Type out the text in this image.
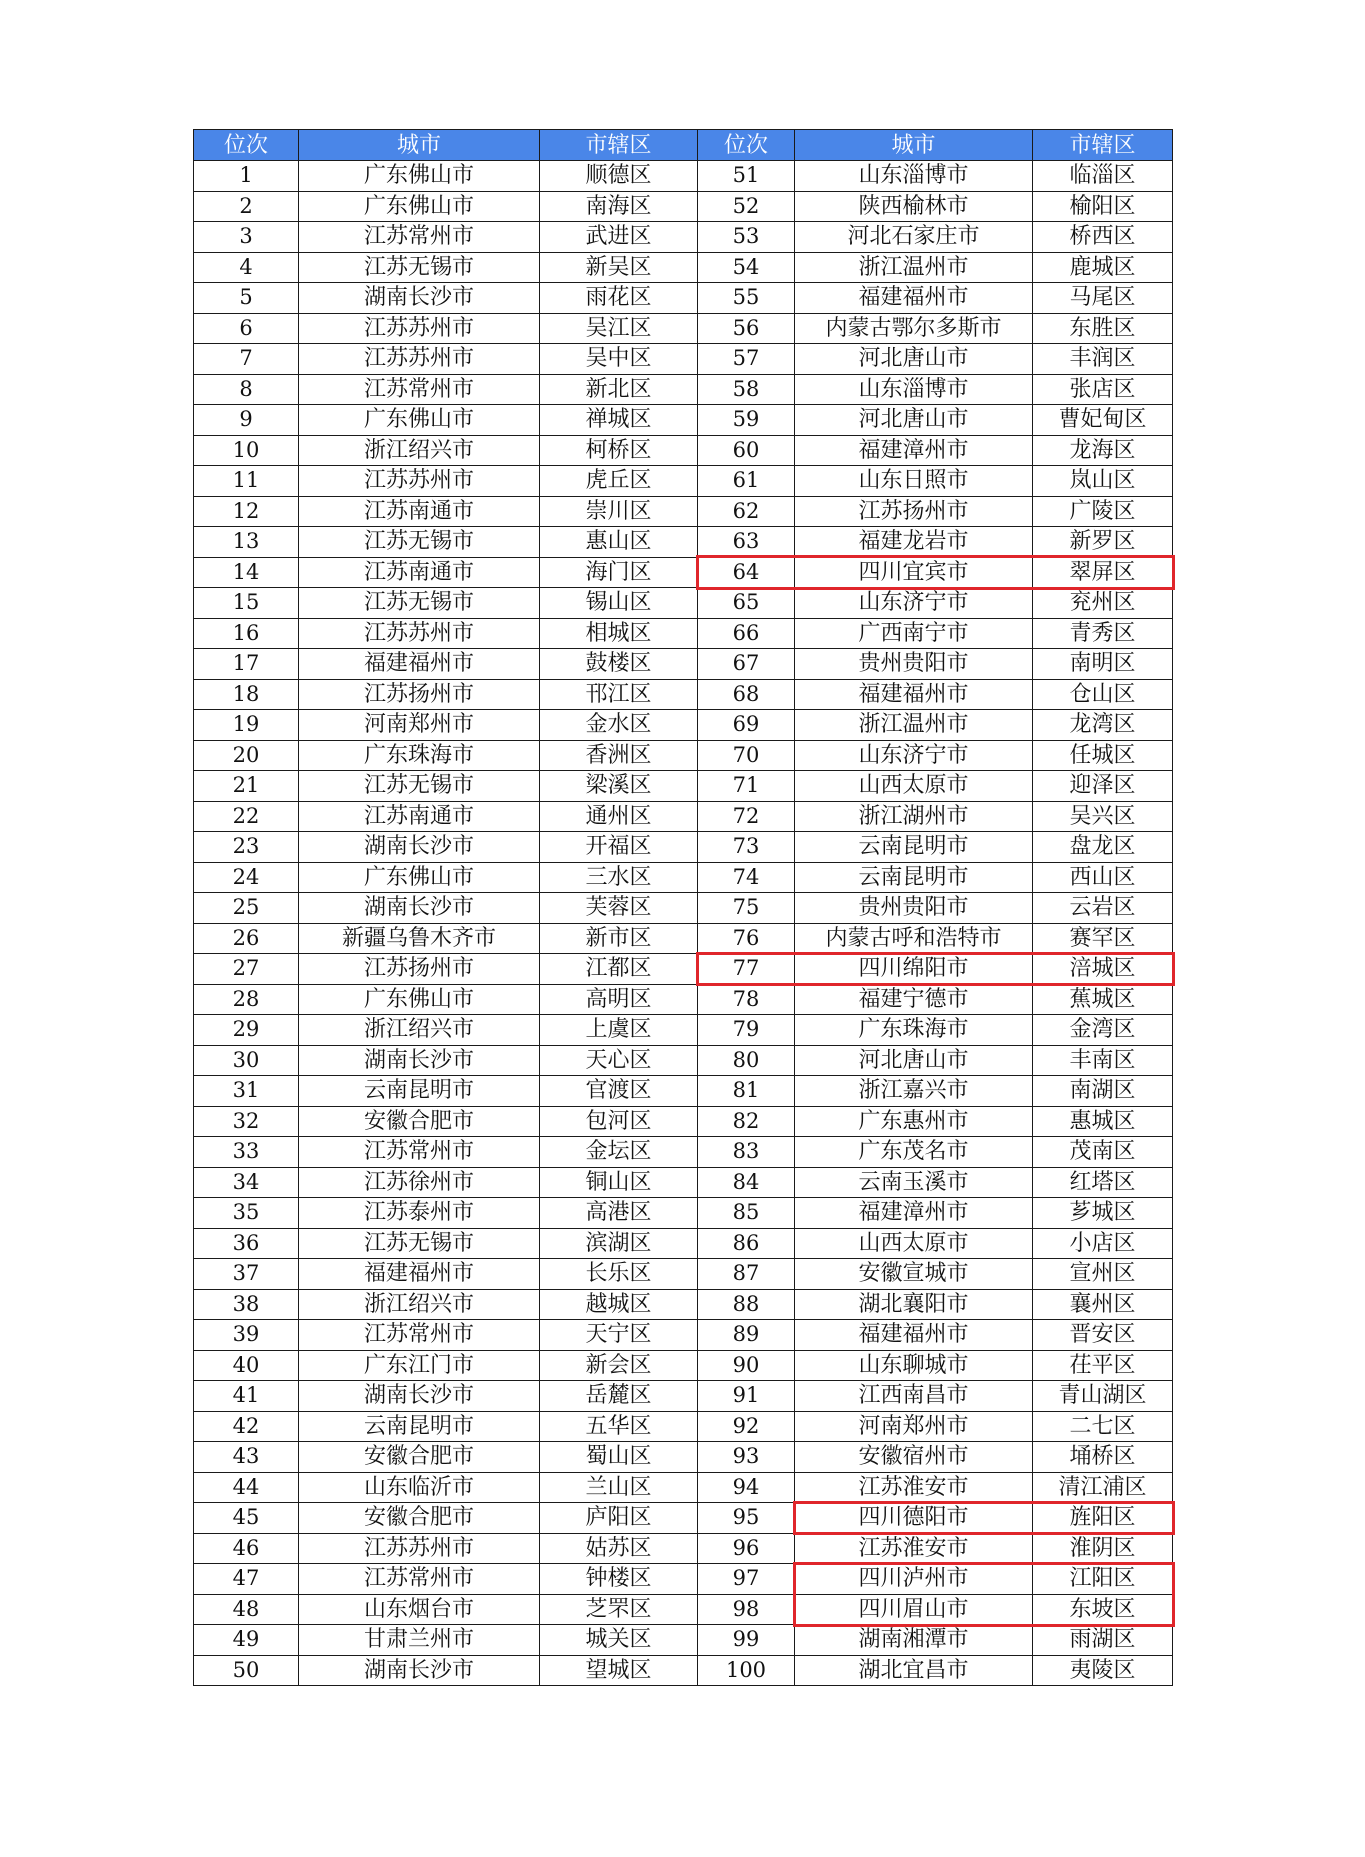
位次	城市	市辖区	位次	城市	市辖区
1	广东佛山市	顺德区	51	山东淄博市	临淄区
2	广东佛山市	南海区	52	陕西榆林市	榆阳区
3	江苏常州市	武进区	53	河北石家庄市	桥西区
4	江苏无锡市	新吴区	54	浙江温州市	鹿城区
5	湖南长沙市	雨花区	55	福建福州市	马尾区
6	江苏苏州市	吴江区	56	内蒙古鄂尔多斯市	东胜区
7	江苏苏州市	吴中区	57	河北唐山市	丰润区
8	江苏常州市	新北区	58	山东淄博市	张店区
9	广东佛山市	禅城区	59	河北唐山市	曹妃甸区
10	浙江绍兴市	柯桥区	60	福建漳州市	龙海区
11	江苏苏州市	虎丘区	61	山东日照市	岚山区
12	江苏南通市	崇川区	62	江苏扬州市	广陵区
13	江苏无锡市	惠山区	63	福建龙岩市	新罗区
14	江苏南通市	海门区	64	四川宜宾市	翠屏区
15	江苏无锡市	锡山区	65	山东济宁市	兖州区
16	江苏苏州市	相城区	66	广西南宁市	青秀区
17	福建福州市	鼓楼区	67	贵州贵阳市	南明区
18	江苏扬州市	邗江区	68	福建福州市	仓山区
19	河南郑州市	金水区	69	浙江温州市	龙湾区
20	广东珠海市	香洲区	70	山东济宁市	任城区
21	江苏无锡市	梁溪区	71	山西太原市	迎泽区
22	江苏南通市	通州区	72	浙江湖州市	吴兴区
23	湖南长沙市	开福区	73	云南昆明市	盘龙区
24	广东佛山市	三水区	74	云南昆明市	西山区
25	湖南长沙市	芙蓉区	75	贵州贵阳市	云岩区
26	新疆乌鲁木齐市	新市区	76	内蒙古呼和浩特市	赛罕区
27	江苏扬州市	江都区	77	四川绵阳市	涪城区
28	广东佛山市	高明区	78	福建宁德市	蕉城区
29	浙江绍兴市	上虞区	79	广东珠海市	金湾区
30	湖南长沙市	天心区	80	河北唐山市	丰南区
31	云南昆明市	官渡区	81	浙江嘉兴市	南湖区
32	安徽合肥市	包河区	82	广东惠州市	惠城区
33	江苏常州市	金坛区	83	广东茂名市	茂南区
34	江苏徐州市	铜山区	84	云南玉溪市	红塔区
35	江苏泰州市	高港区	85	福建漳州市	芗城区
36	江苏无锡市	滨湖区	86	山西太原市	小店区
37	福建福州市	长乐区	87	安徽宣城市	宣州区
38	浙江绍兴市	越城区	88	湖北襄阳市	襄州区
39	江苏常州市	天宁区	89	福建福州市	晋安区
40	广东江门市	新会区	90	山东聊城市	茌平区
41	湖南长沙市	岳麓区	91	江西南昌市	青山湖区
42	云南昆明市	五华区	92	河南郑州市	二七区
43	安徽合肥市	蜀山区	93	安徽宿州市	埇桥区
44	山东临沂市	兰山区	94	江苏淮安市	清江浦区
45	安徽合肥市	庐阳区	95	四川德阳市	旌阳区
46	江苏苏州市	姑苏区	96	江苏淮安市	淮阴区
47	江苏常州市	钟楼区	97	四川泸州市	江阳区
48	山东烟台市	芝罘区	98	四川眉山市	东坡区
49	甘肃兰州市	城关区	99	湖南湘潭市	雨湖区
50	湖南长沙市	望城区	100	湖北宜昌市	夷陵区
